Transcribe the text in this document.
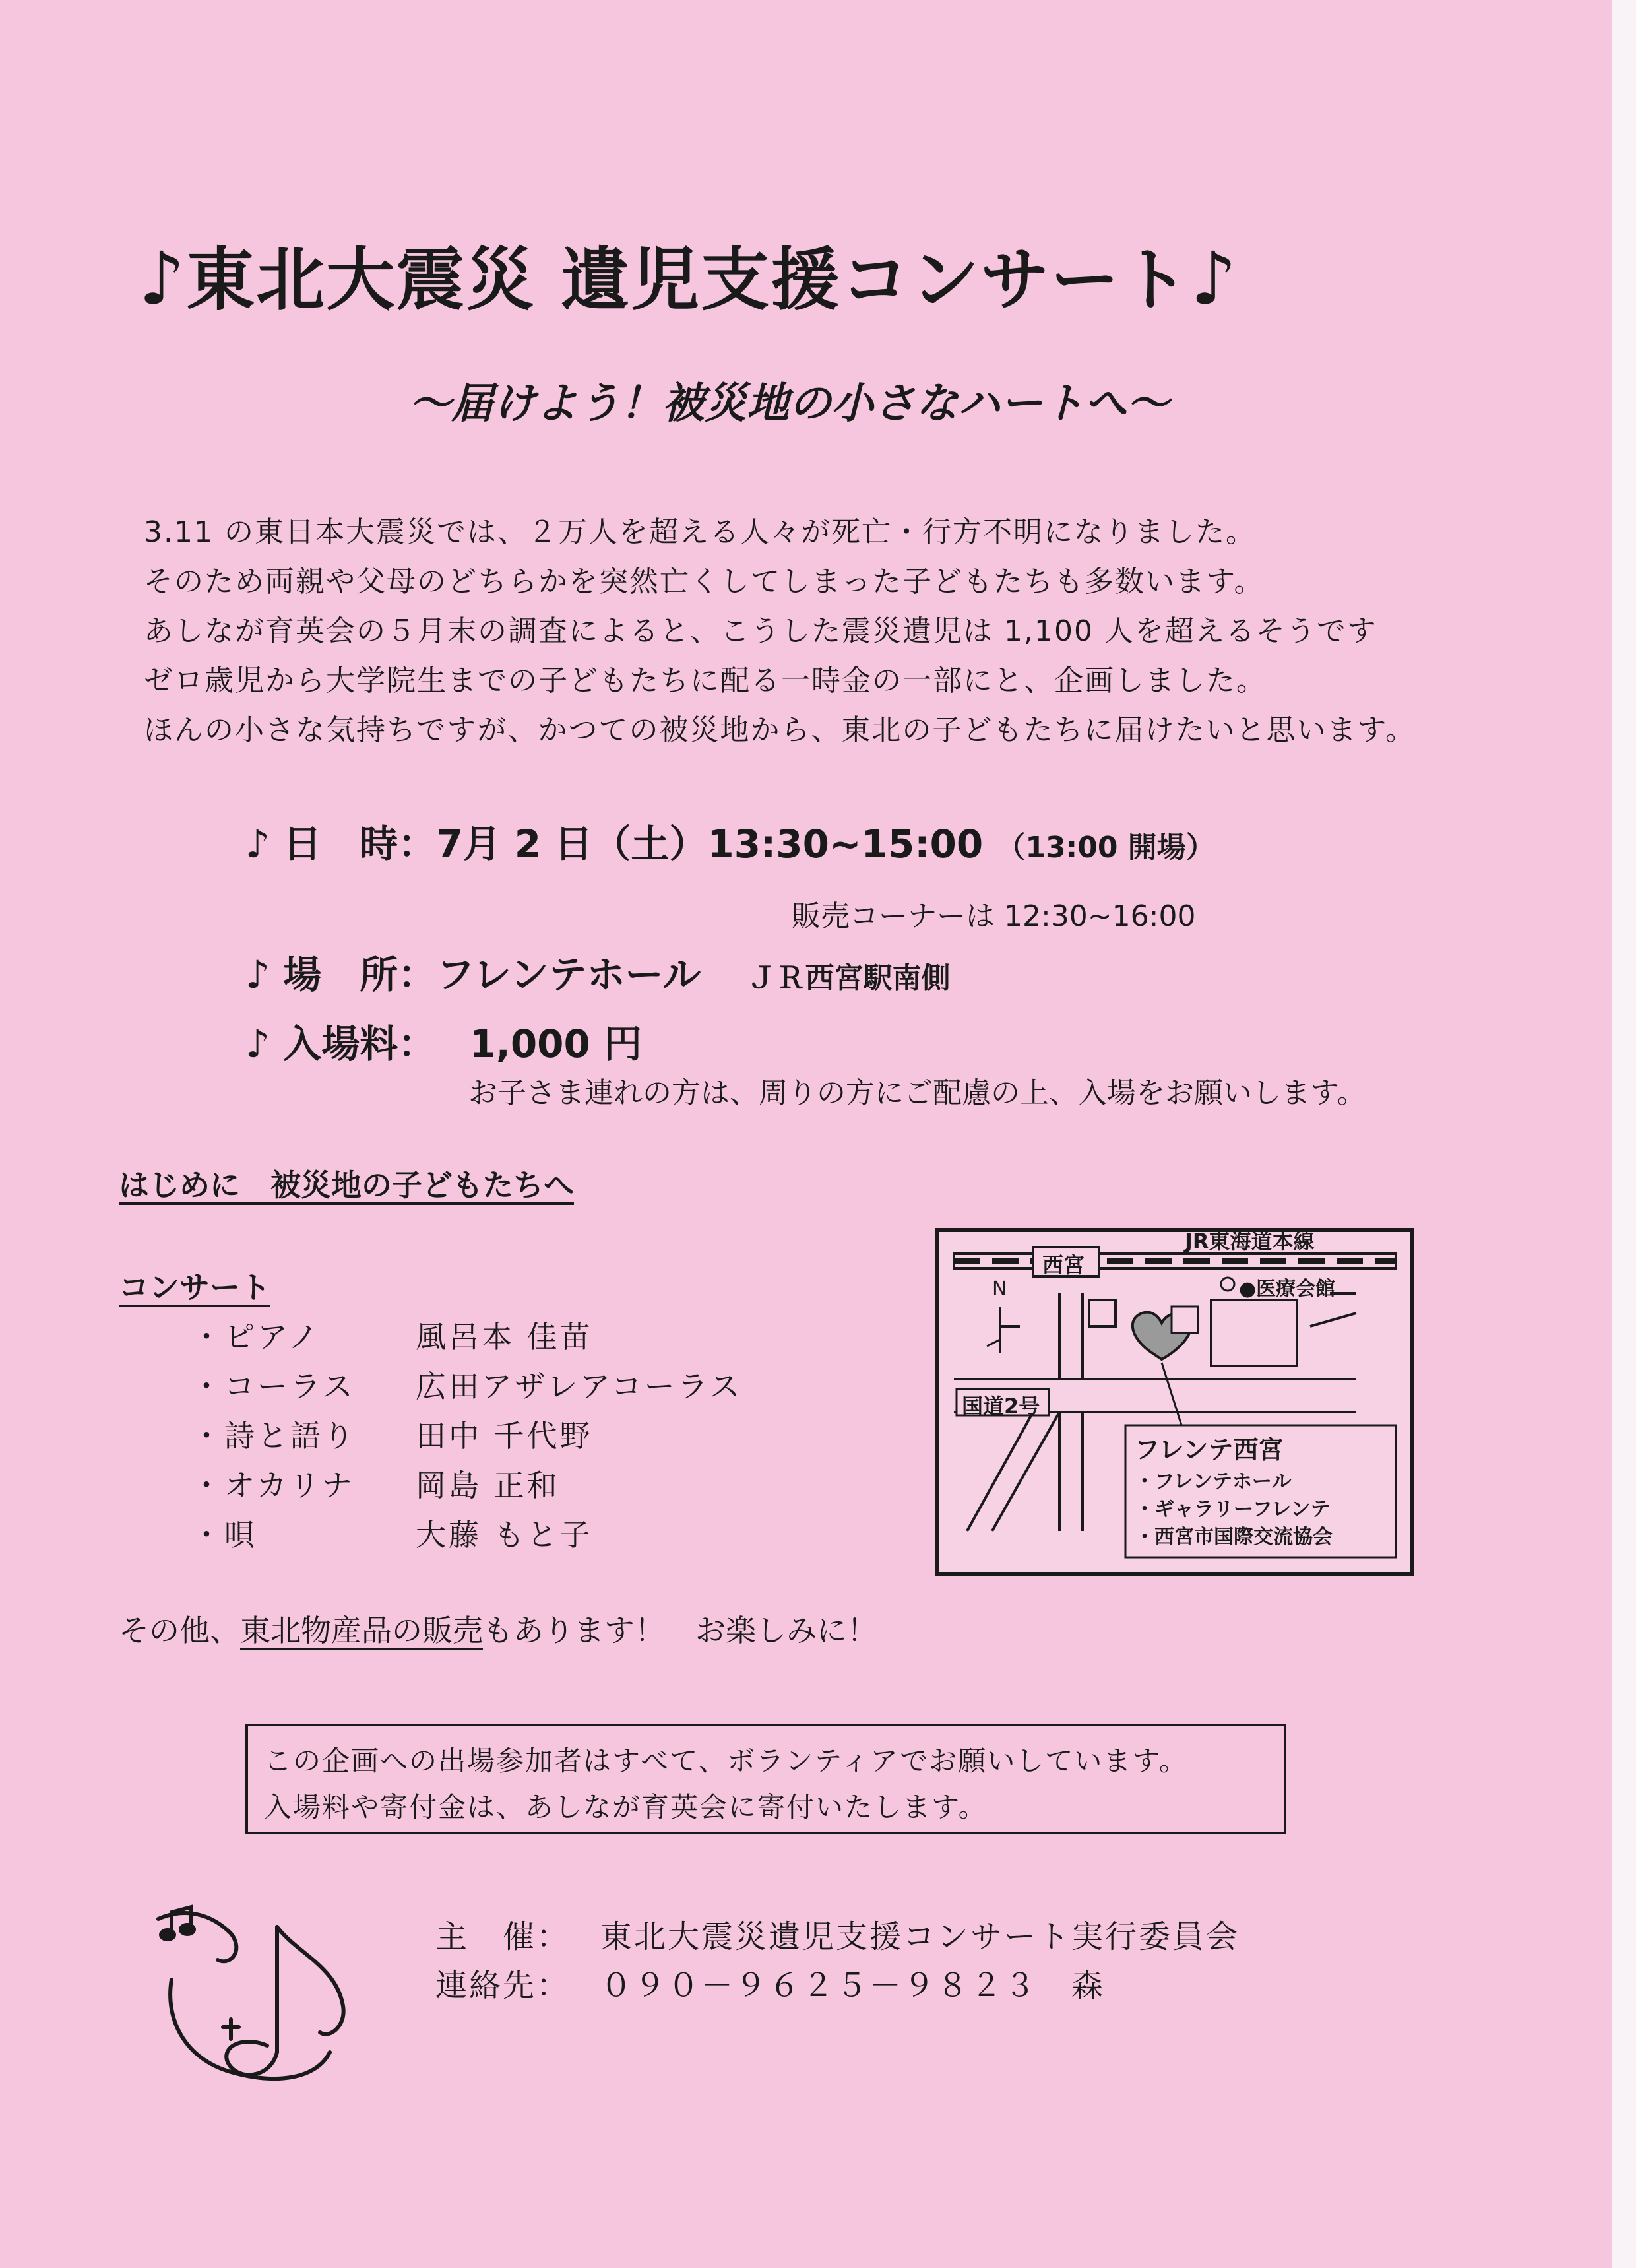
♪東北大震災 遺児支援コンサート♪
～届けよう！被災地の小さなハートへ～
3.11 の東日本大震災では、２万人を超える人々が死亡・行方不明になりました。
そのため両親や父母のどちらかを突然亡くしてしまった子どもたちも多数います。
あしなが育英会の５月末の調査によると、こうした震災遺児は 1,100 人を超えるそうです
ゼロ歳児から大学院生までの子どもたちに配る一時金の一部にと、企画しました。
ほんの小さな気持ちですが、かつての被災地から、東北の子どもたちに届けたいと思います。
♪ 日　時：7月 2 日（土）13:30~15:00 （13:00 開場）
販売コーナーは 12:30~16:00
♪ 場　所：フレンテホール ＪＲ西宮駅南側
♪ 入場料： 1,000 円
お子さま連れの方は、周りの方にご配慮の上、入場をお願いします。
はじめに　被災地の子どもたちへ
コンサート
・ピアノ	風呂本 佳苗
・コーラス 広田アザレアコーラス
・詩と語り 田中 千代野
・オカリナ 岡島 正和
・唄	大藤 もと子
その他、東北物産品の販売もあります！　お楽しみに！
JR東海道本線
西宮
N	●医療会館
国道2号
フレンテ西宮
・フレンテホール
・ギャラリーフレンテ
・西宮市国際交流協会
この企画への出場参加者はすべて、ボランティアでお願いしています。
入場料や寄付金は、あしなが育英会に寄付いたします。
主　催： 東北大震災遺児支援コンサート実行委員会
連絡先： ０９０－９６２５－９８２３　森
